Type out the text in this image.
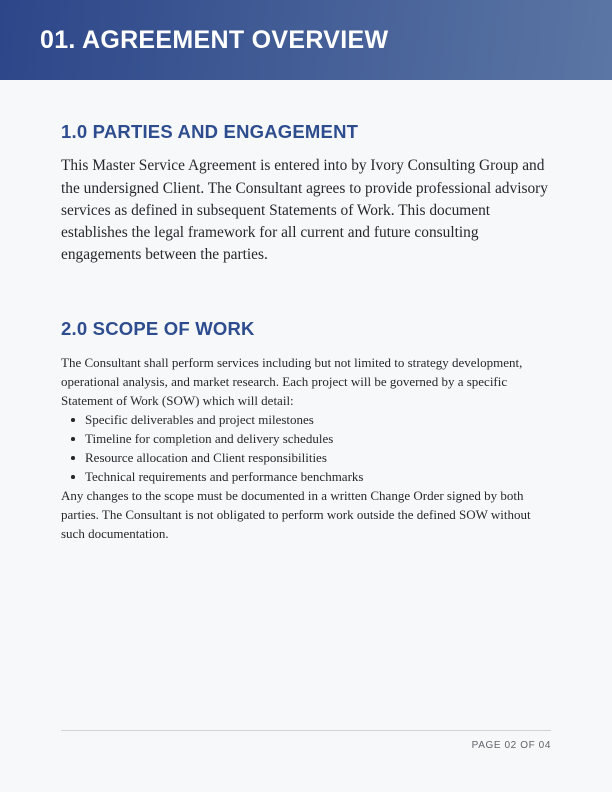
01. AGREEMENT OVERVIEW
1.0 PARTIES AND ENGAGEMENT

This Master Service Agreement is entered into by Ivory Consulting Group and the undersigned Client. The Consultant agrees to provide professional advisory services as defined in subsequent Statements of Work. This document establishes the legal framework for all current and future consulting engagements between the parties.

2.0 SCOPE OF WORK

The Consultant shall perform services including but not limited to strategy development, operational analysis, and market research. Each project will be governed by a specific Statement of Work (SOW) which will detail:

Specific deliverables and project milestones
Timeline for completion and delivery schedules
Resource allocation and Client responsibilities
Technical requirements and performance benchmarks

Any changes to the scope must be documented in a written Change Order signed by both parties. The Consultant is not obligated to perform work outside the defined SOW without such documentation.

PAGE 02 OF 04
